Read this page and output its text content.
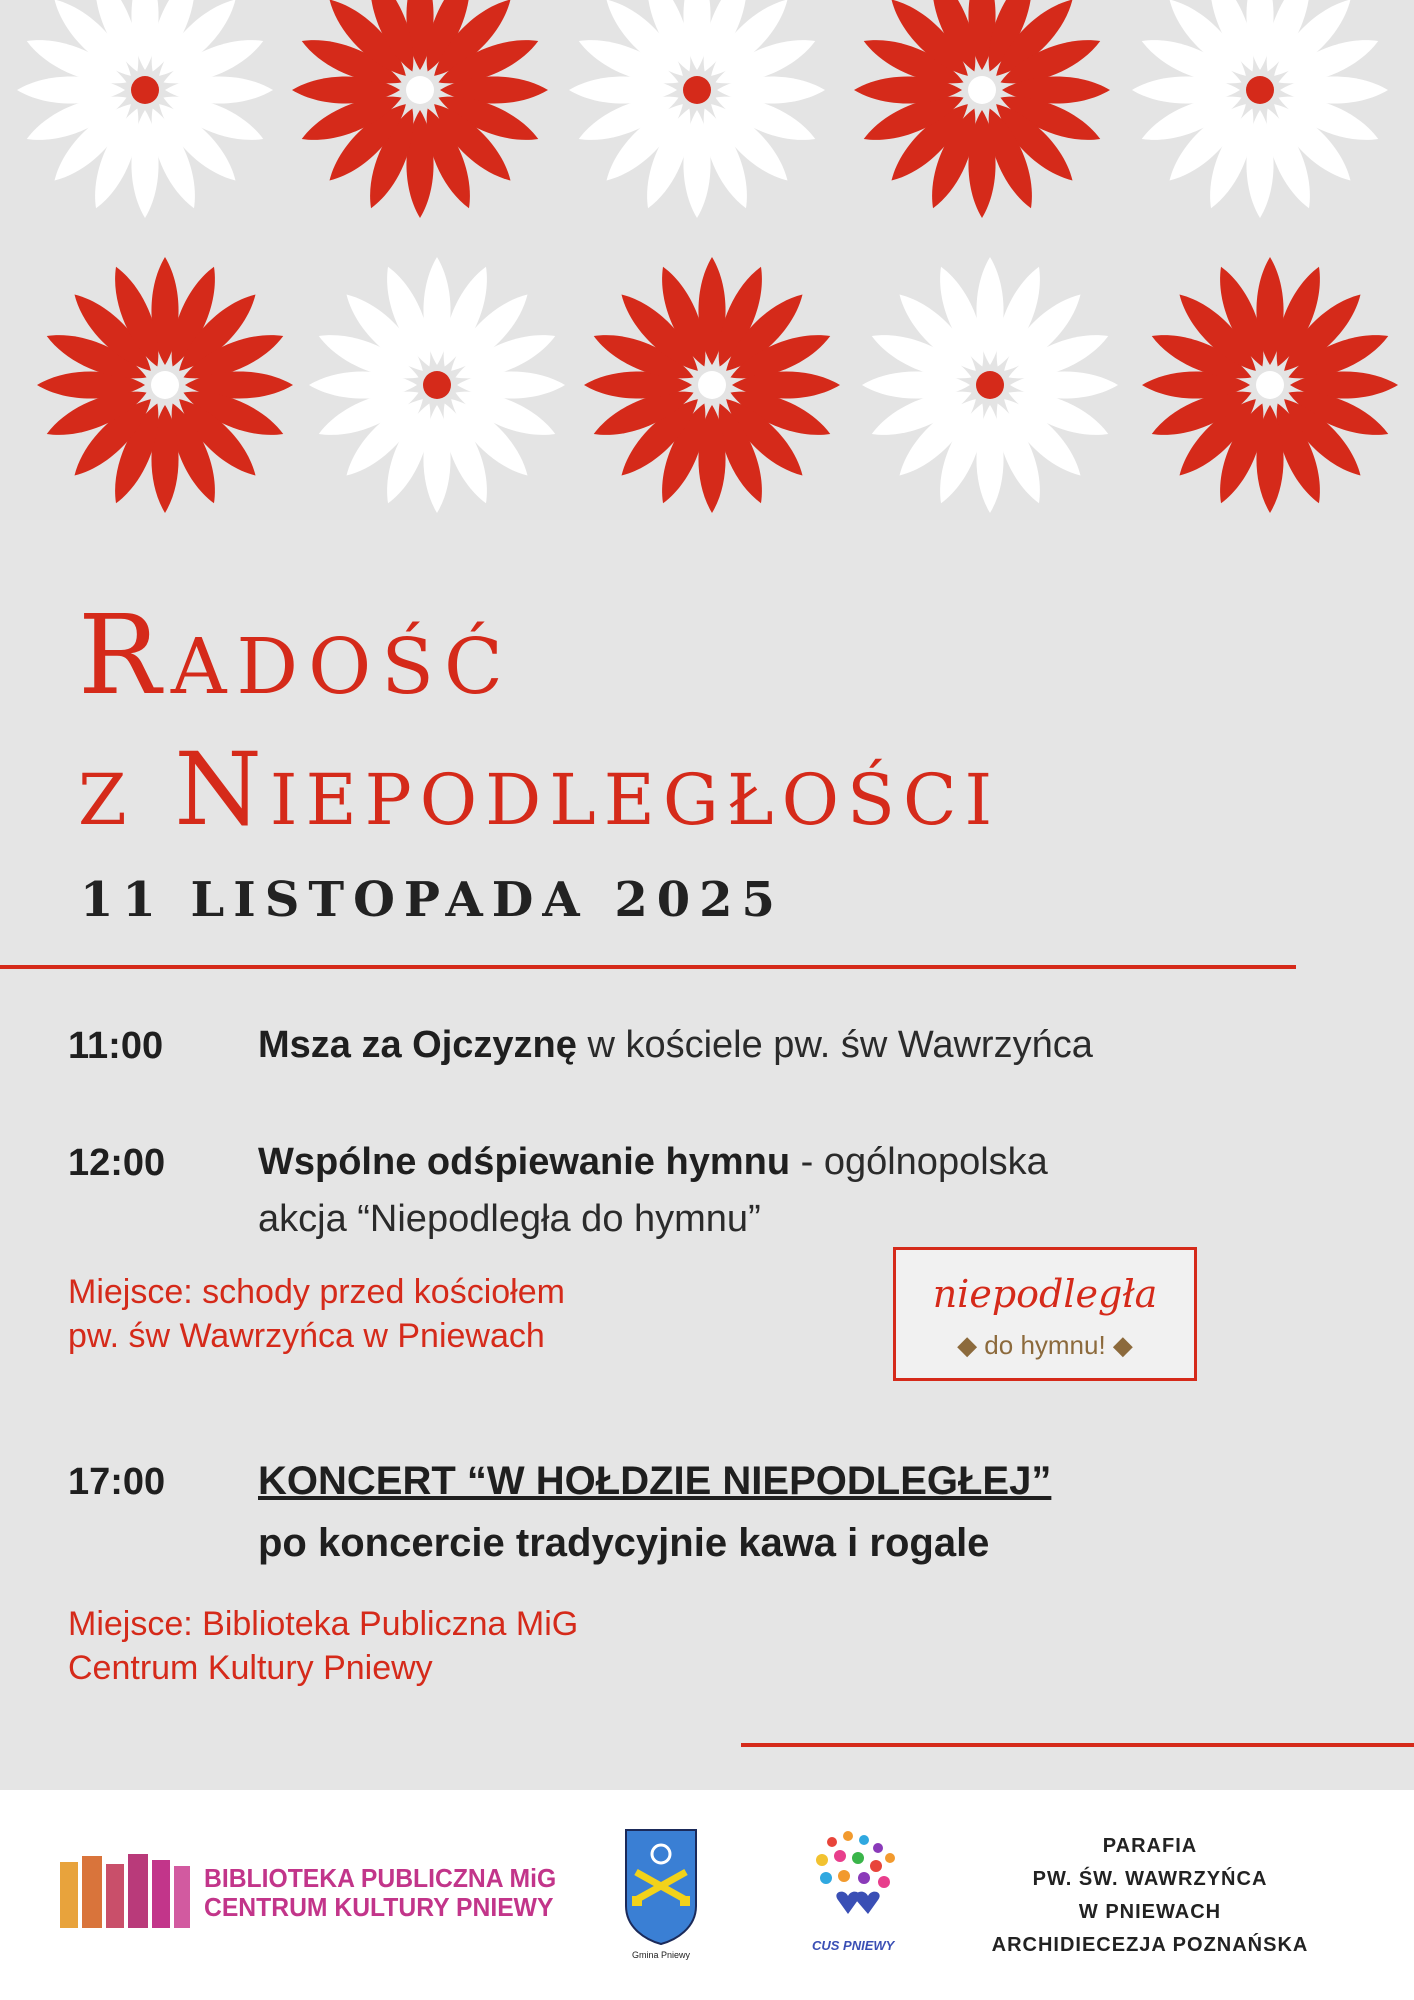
Radość
z Niepodległości
11 LISTOPADA 2025
11:00 Msza za Ojczyznę w kościele pw. św Wawrzyńca
12:00 Wspólne odśpiewanie hymnu - ogólnopolska
akcja “Niepodległa do hymnu”
Miejsce: schody przed kościołem
pw. św Wawrzyńca w Pniewach
niepodległa
◆ do hymnu! ◆
17:00 KONCERT “W HOŁDZIE NIEPODLEGŁEJ”
po koncercie tradycyjnie kawa i rogale
Miejsce: Biblioteka Publiczna MiG
Centrum Kultury Pniewy
BIBLIOTEKA PUBLICZNA MiG
CENTRUM KULTURY PNIEWY
Gmina Pniewy
CUS PNIEWY
PARAFIA
PW. ŚW. WAWRZYŃCA
W PNIEWACH
ARCHIDIECEZJA POZNAŃSKA
